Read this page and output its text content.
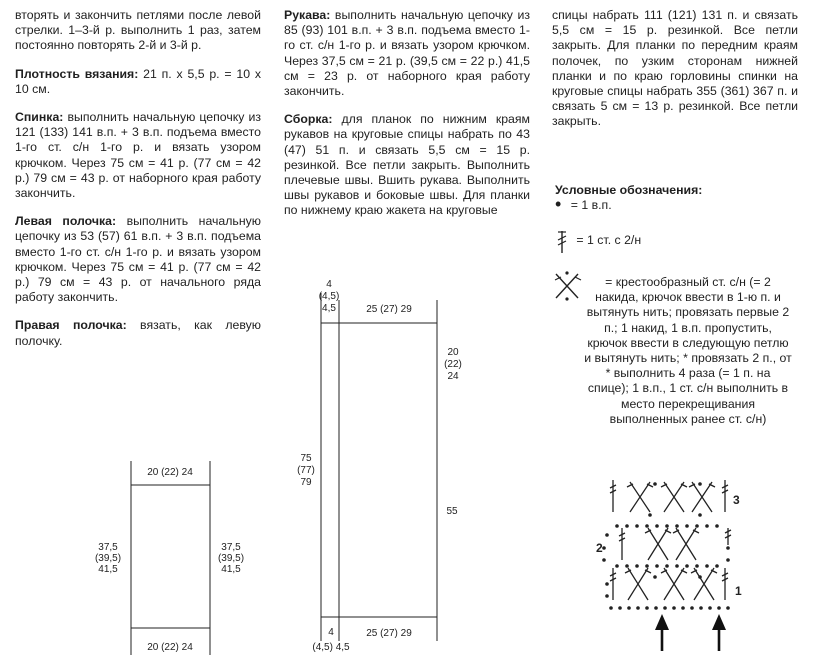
вторять и закончить петлями после левой стрелки. 1–3-й р. выполнить 1 раз, затем постоянно повторять 2-й и 3-й р.

Плотность вязания: 21 п. х 5,5 р. = 10 х 10 см.

Спинка: выполнить начальную цепочку из 121 (133) 141 в.п. + 3 в.п. подъема вместо 1-го ст. с/н 1-го р. и вязать узором крючком. Через 75 см = 41 р. (77 см = 42 р.) 79 см = 43 р. от наборного края работу закончить.

Левая полочка: выполнить начальную цепочку из 53 (57) 61 в.п. + 3 в.п. подъема вместо 1-го ст. с/н 1-го р. и вязать узором крючком. Через 75 см = 41 р. (77 см = 42 р.) 79 см = 43 р. от начального ряда работу закончить.

Правая полочка: вязать, как левую полочку.

Рукава: выполнить начальную цепочку из 85 (93) 101 в.п. + 3 в.п. подъема вместо 1-го ст. с/н 1-го р. и вязать узором крючком. Через 37,5 см = 21 р. (39,5 см = 22 р.) 41,5 см = 23 р. от наборного края работу закончить.

Сборка: для планок по нижним краям рукавов на круговые спицы набрать по 43 (47) 51 п. и связать 5,5 см = 15 р. резинкой. Все петли закрыть. Выполнить плечевые швы. Вшить рукава. Выполнить швы рукавов и боковые швы. Для планки по нижнему краю жакета на круговые

спицы набрать 111 (121) 131 п. и связать 5,5 см = 15 р. резинкой. Все петли закрыть. Для планки по передним краям полочек, по узким сторонам нижней планки и по краю горловины спинки на круговые спицы набрать 355 (361) 367 п. и связать 5 см = 13 р. резинкой. Все петли закрыть.

Условные обозначения:
• = 1 в.п.
= 1 ст. с 2/н
= крестообразный ст. с/н (= 2 накида, крючок ввести в 1-ю п. и вытянуть нить; провязать первые 2 п.; 1 накид, 1 в.п. пропустить, крючок ввести в следующую петлю и вытянуть нить; * провязать 2 п., от * выполнить 4 раза (= 1 п. на спице); 1 в.п., 1 ст. с/н выполнить в место перекрещивания выполненных ранее ст. с/н)
20 (22) 24
20 (22) 24
37,5
(39,5)
41,5
37,5
(39,5)
41,5
4
(4,5)
4,5	25 (27) 29
20
(22)
24
75
(77)
79
55
4
(4,5) 4,5
25 (27) 29
1
2
3
